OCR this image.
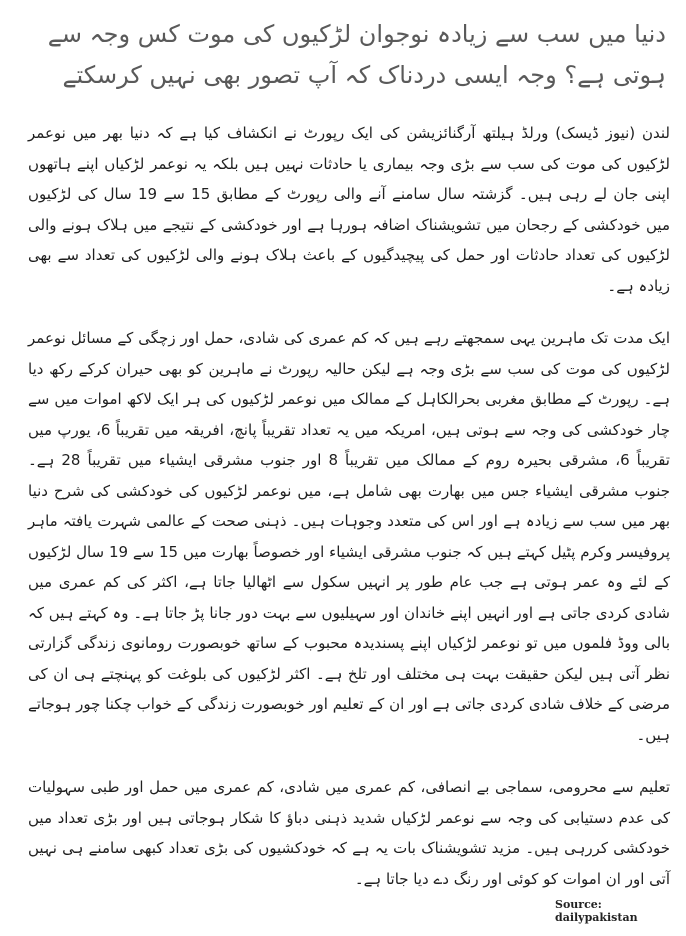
دنیا میں سب سے زیادہ نوجوان لڑکیوں کی موت کس وجہ سے ہوتی ہے؟ وجہ ایسی دردناک کہ آپ تصور بھی نہیں کرسکتے

لندن (نیوز ڈیسک) ورلڈ ہیلتھ آرگنائزیشن کی ایک رپورٹ نے انکشاف کیا ہے کہ دنیا بھر میں نوعمر لڑکیوں کی موت کی سب سے بڑی وجہ بیماری یا حادثات نہیں ہیں بلکہ یہ نوعمر لڑکیاں اپنے ہاتھوں اپنی جان لے رہی ہیں۔ گزشتہ سال سامنے آنے والی رپورٹ کے مطابق 15 سے 19 سال کی لڑکیوں میں خودکشی کے رجحان میں تشویشناک اضافہ ہورہا ہے اور خودکشی کے نتیجے میں ہلاک ہونے والی لڑکیوں کی تعداد حادثات اور حمل کی پیچیدگیوں کے باعث ہلاک ہونے والی لڑکیوں کی تعداد سے بھی زیادہ ہے۔

ایک مدت تک ماہرین یہی سمجھتے رہے ہیں کہ کم عمری کی شادی، حمل اور زچگی کے مسائل نوعمر لڑکیوں کی موت کی سب سے بڑی وجہ ہے لیکن حالیہ رپورٹ نے ماہرین کو بھی حیران کرکے رکھ دیا ہے۔ رپورٹ کے مطابق مغربی بحرالکاہل کے ممالک میں نوعمر لڑکیوں کی ہر ایک لاکھ اموات میں سے چار خودکشی کی وجہ سے ہوتی ہیں، امریکہ میں یہ تعداد تقریباً پانچ، افریقہ میں تقریباً 6، یورپ میں تقریباً 6، مشرقی بحیرہ روم کے ممالک میں تقریباً 8 اور جنوب مشرقی ایشیاء میں تقریباً 28 ہے۔ جنوب مشرقی ایشیاء جس میں بھارت بھی شامل ہے، میں نوعمر لڑکیوں کی خودکشی کی شرح دنیا بھر میں سب سے زیادہ ہے اور اس کی متعدد وجوہات ہیں۔ ذہنی صحت کے عالمی شہرت یافتہ ماہر پروفیسر وکرم پٹیل کہتے ہیں کہ جنوب مشرقی ایشیاء اور خصوصاً بھارت میں 15 سے 19 سال لڑکیوں کے لئے وہ عمر ہوتی ہے جب عام طور پر انہیں سکول سے اٹھالیا جاتا ہے، اکثر کی کم عمری میں شادی کردی جاتی ہے اور انہیں اپنے خاندان اور سہیلیوں سے بہت دور جانا پڑ جاتا ہے۔ وہ کہتے ہیں کہ بالی ووڈ فلموں میں تو نوعمر لڑکیاں اپنے پسندیدہ محبوب کے ساتھ خوبصورت رومانوی زندگی گزارتی نظر آتی ہیں لیکن حقیقت بہت ہی مختلف اور تلخ ہے۔ اکثر لڑکیوں کی بلوغت کو پہنچتے ہی ان کی مرضی کے خلاف شادی کردی جاتی ہے اور ان کے تعلیم اور خوبصورت زندگی کے خواب چکنا چور ہوجاتے ہیں۔

تعلیم سے محرومی، سماجی بے انصافی، کم عمری میں شادی، کم عمری میں حمل اور طبی سہولیات کی عدم دستیابی کی وجہ سے نوعمر لڑکیاں شدید ذہنی دباؤ کا شکار ہوجاتی ہیں اور بڑی تعداد میں خودکشی کررہی ہیں۔ مزید تشویشناک بات یہ ہے کہ خودکشیوں کی بڑی تعداد کبھی سامنے ہی نہیں آتی اور ان اموات کو کوئی اور رنگ دے دیا جاتا ہے۔

Source: dailypakistan
